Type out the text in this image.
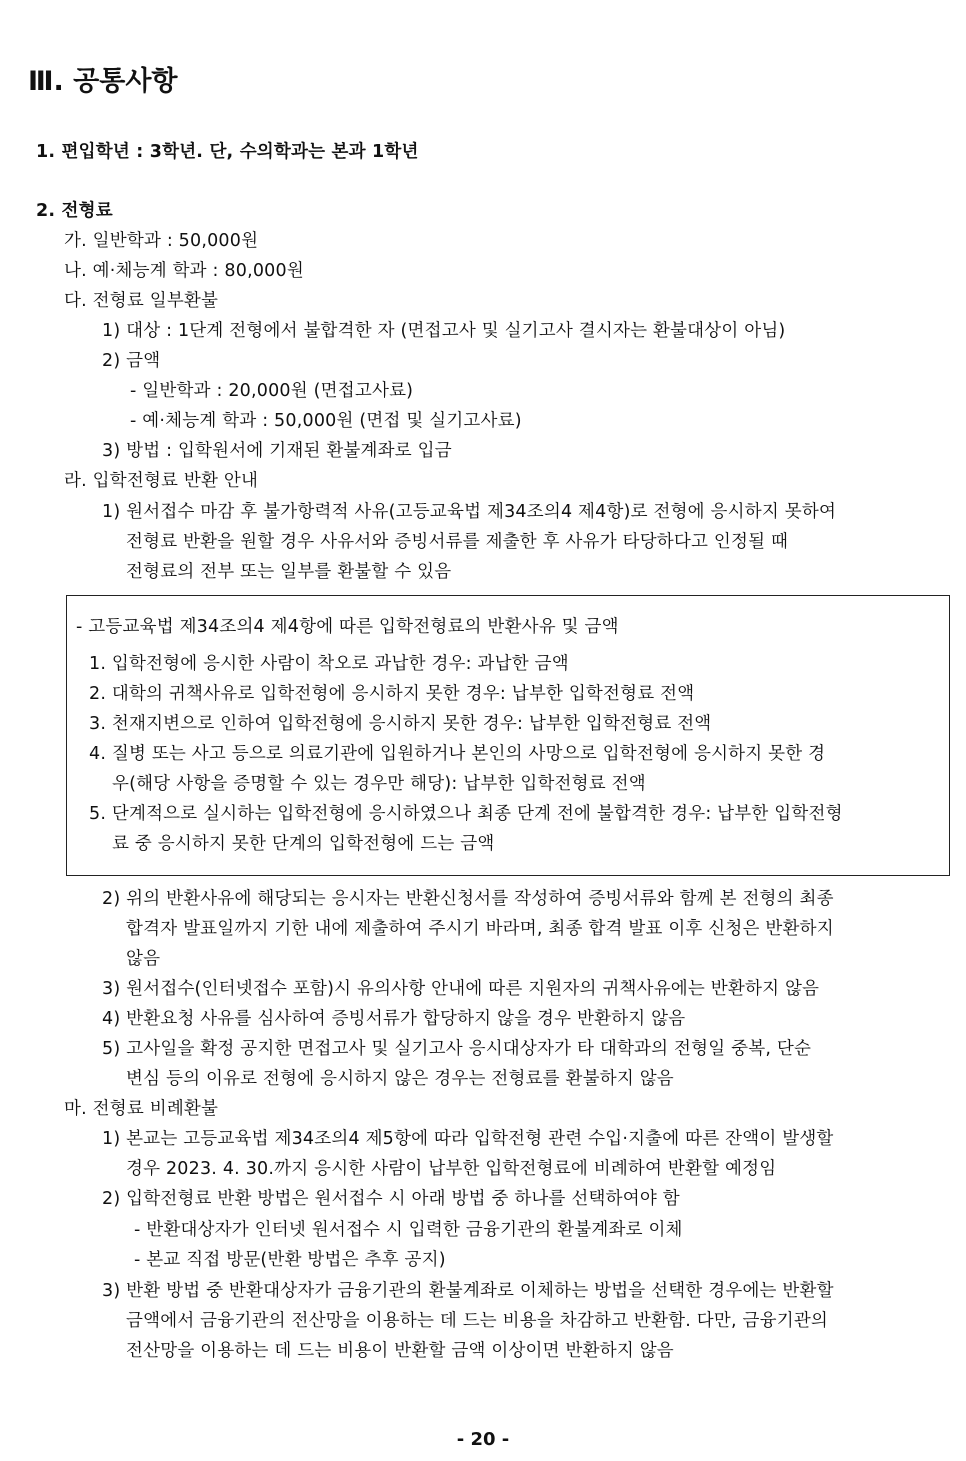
Ⅲ. 공통사항
1. 편입학년 : 3학년. 단, 수의학과는 본과 1학년
2. 전형료
가. 일반학과 : 50,000원
나. 예·체능계 학과 : 80,000원
다. 전형료 일부환불
1) 대상 : 1단계 전형에서 불합격한 자 (면접고사 및 실기고사 결시자는 환불대상이 아님)
2) 금액
- 일반학과 : 20,000원 (면접고사료)
- 예·체능계 학과 : 50,000원 (면접 및 실기고사료)
3) 방법 : 입학원서에 기재된 환불계좌로 입금
라. 입학전형료 반환 안내
1) 원서접수 마감 후 불가항력적 사유(고등교육법 제34조의4 제4항)로 전형에 응시하지 못하여
전형료 반환을 원할 경우 사유서와 증빙서류를 제출한 후 사유가 타당하다고 인정될 때
전형료의 전부 또는 일부를 환불할 수 있음
- 고등교육법 제34조의4 제4항에 따른 입학전형료의 반환사유 및 금액
1. 입학전형에 응시한 사람이 착오로 과납한 경우: 과납한 금액
2. 대학의 귀책사유로 입학전형에 응시하지 못한 경우: 납부한 입학전형료 전액
3. 천재지변으로 인하여 입학전형에 응시하지 못한 경우: 납부한 입학전형료 전액
4. 질병 또는 사고 등으로 의료기관에 입원하거나 본인의 사망으로 입학전형에 응시하지 못한 경
우(해당 사항을 증명할 수 있는 경우만 해당): 납부한 입학전형료 전액
5. 단계적으로 실시하는 입학전형에 응시하였으나 최종 단계 전에 불합격한 경우: 납부한 입학전형
료 중 응시하지 못한 단계의 입학전형에 드는 금액
2) 위의 반환사유에 해당되는 응시자는 반환신청서를 작성하여 증빙서류와 함께 본 전형의 최종
합격자 발표일까지 기한 내에 제출하여 주시기 바라며, 최종 합격 발표 이후 신청은 반환하지
않음
3) 원서접수(인터넷접수 포함)시 유의사항 안내에 따른 지원자의 귀책사유에는 반환하지 않음
4) 반환요청 사유를 심사하여 증빙서류가 합당하지 않을 경우 반환하지 않음
5) 고사일을 확정 공지한 면접고사 및 실기고사 응시대상자가 타 대학과의 전형일 중복, 단순
변심 등의 이유로 전형에 응시하지 않은 경우는 전형료를 환불하지 않음
마. 전형료 비례환불
1) 본교는 고등교육법 제34조의4 제5항에 따라 입학전형 관련 수입·지출에 따른 잔액이 발생할
경우 2023. 4. 30.까지 응시한 사람이 납부한 입학전형료에 비례하여 반환할 예정임
2) 입학전형료 반환 방법은 원서접수 시 아래 방법 중 하나를 선택하여야 함
- 반환대상자가 인터넷 원서접수 시 입력한 금융기관의 환불계좌로 이체
- 본교 직접 방문(반환 방법은 추후 공지)
3) 반환 방법 중 반환대상자가 금융기관의 환불계좌로 이체하는 방법을 선택한 경우에는 반환할
금액에서 금융기관의 전산망을 이용하는 데 드는 비용을 차감하고 반환함. 다만, 금융기관의
전산망을 이용하는 데 드는 비용이 반환할 금액 이상이면 반환하지 않음
- 20 -
